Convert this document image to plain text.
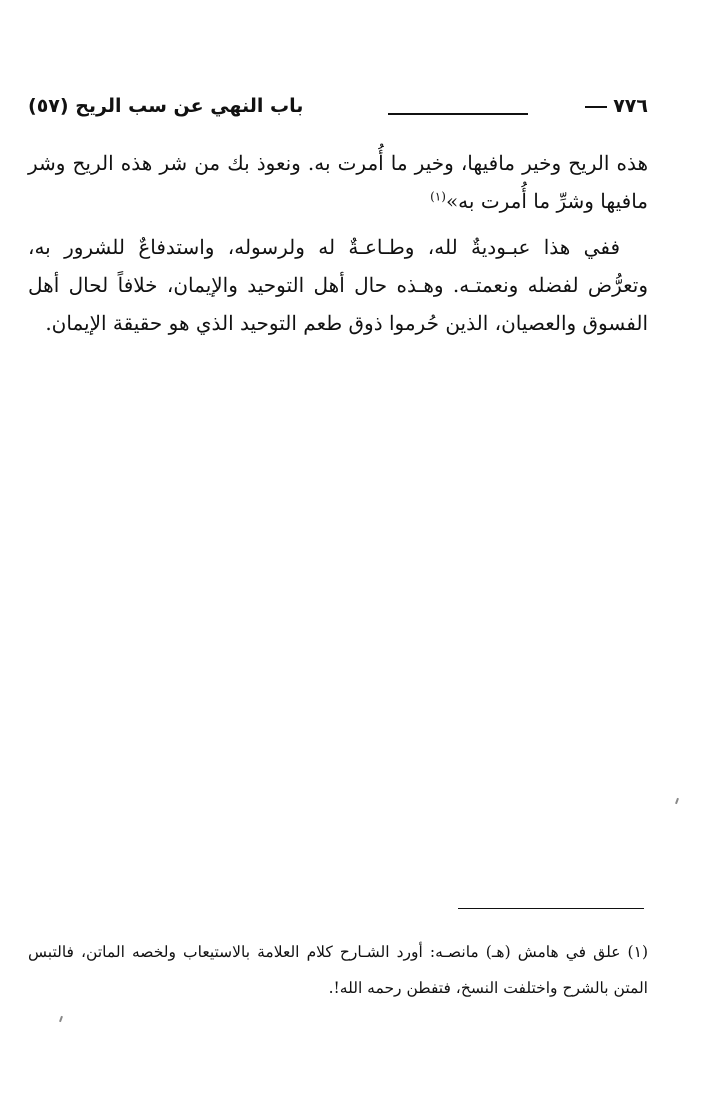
٧٧٦
باب النهي عن سب الريح (٥٧)

هذه الريح وخير مافيها، وخير ما أُمرت به. ونعوذ بك من شر هذه الريح وشر مافيها وشرِّ ما أُمرت به»$^{(١)}$

ففي هذا عبـوديةٌ لله، وطـاعـةٌ له ولرسوله، واستدفاعٌ للشرور به، وتعرُّض لفضله ونعمتـه. وهـذه حال أهل التوحيد والإيمان، خلافاً لحال أهل الفسوق والعصيان، الذين حُرموا ذوق طعم التوحيد الذي هو حقيقة الإيمان.

(١) علق في هامش (هـ) مانصـه: أورد الشـارح كلام العلامة بالاستيعاب ولخصه الماتن، فالتبس المتن بالشرح واختلفت النسخ، فتفطن رحمه الله!.
